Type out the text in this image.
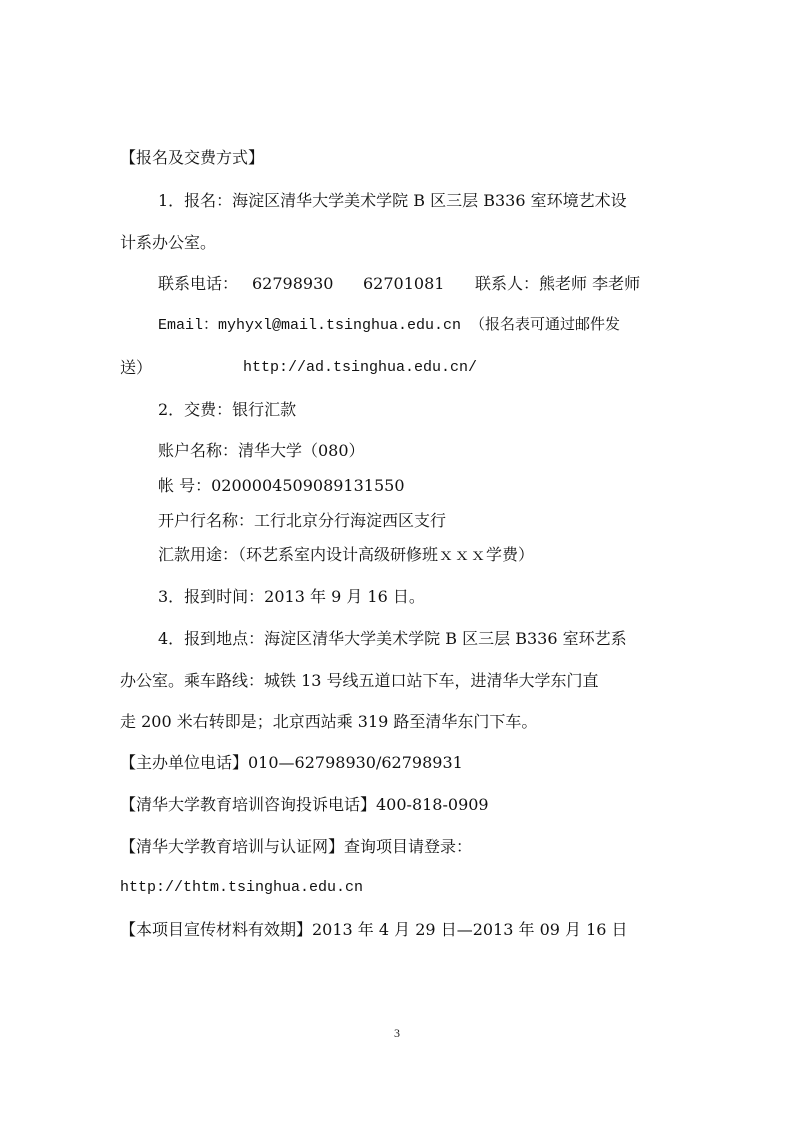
【报名及交费方式】
1．报名：海淀区清华大学美术学院 B 区三层 B336 室环境艺术设
计系办公室。
联系电话： 62798930 62701081 联系人：熊老师 李老师
Email：myhyxl@mail.tsinghua.edu.cn （报名表可通过邮件发
送）	http://ad.tsinghua.edu.cn/
2．交费：银行汇款
账户名称：清华大学（080）
帐 号：0200004509089131550
开户行名称：工行北京分行海淀西区支行
汇款用途：（环艺系室内设计高级研修班ｘｘｘ学费）
3．报到时间：2013 年 9 月 16 日。
4．报到地点：海淀区清华大学美术学院 B 区三层 B336 室环艺系
办公室。乘车路线：城铁 13 号线五道口站下车，进清华大学东门直
走 200 米右转即是；北京西站乘 319 路至清华东门下车。
【主办单位电话】010—62798930/62798931
【清华大学教育培训咨询投诉电话】400-818-0909
【清华大学教育培训与认证网】查询项目请登录：
http://thtm.tsinghua.edu.cn
【本项目宣传材料有效期】2013 年 4 月 29 日—2013 年 09 月 16 日
3
